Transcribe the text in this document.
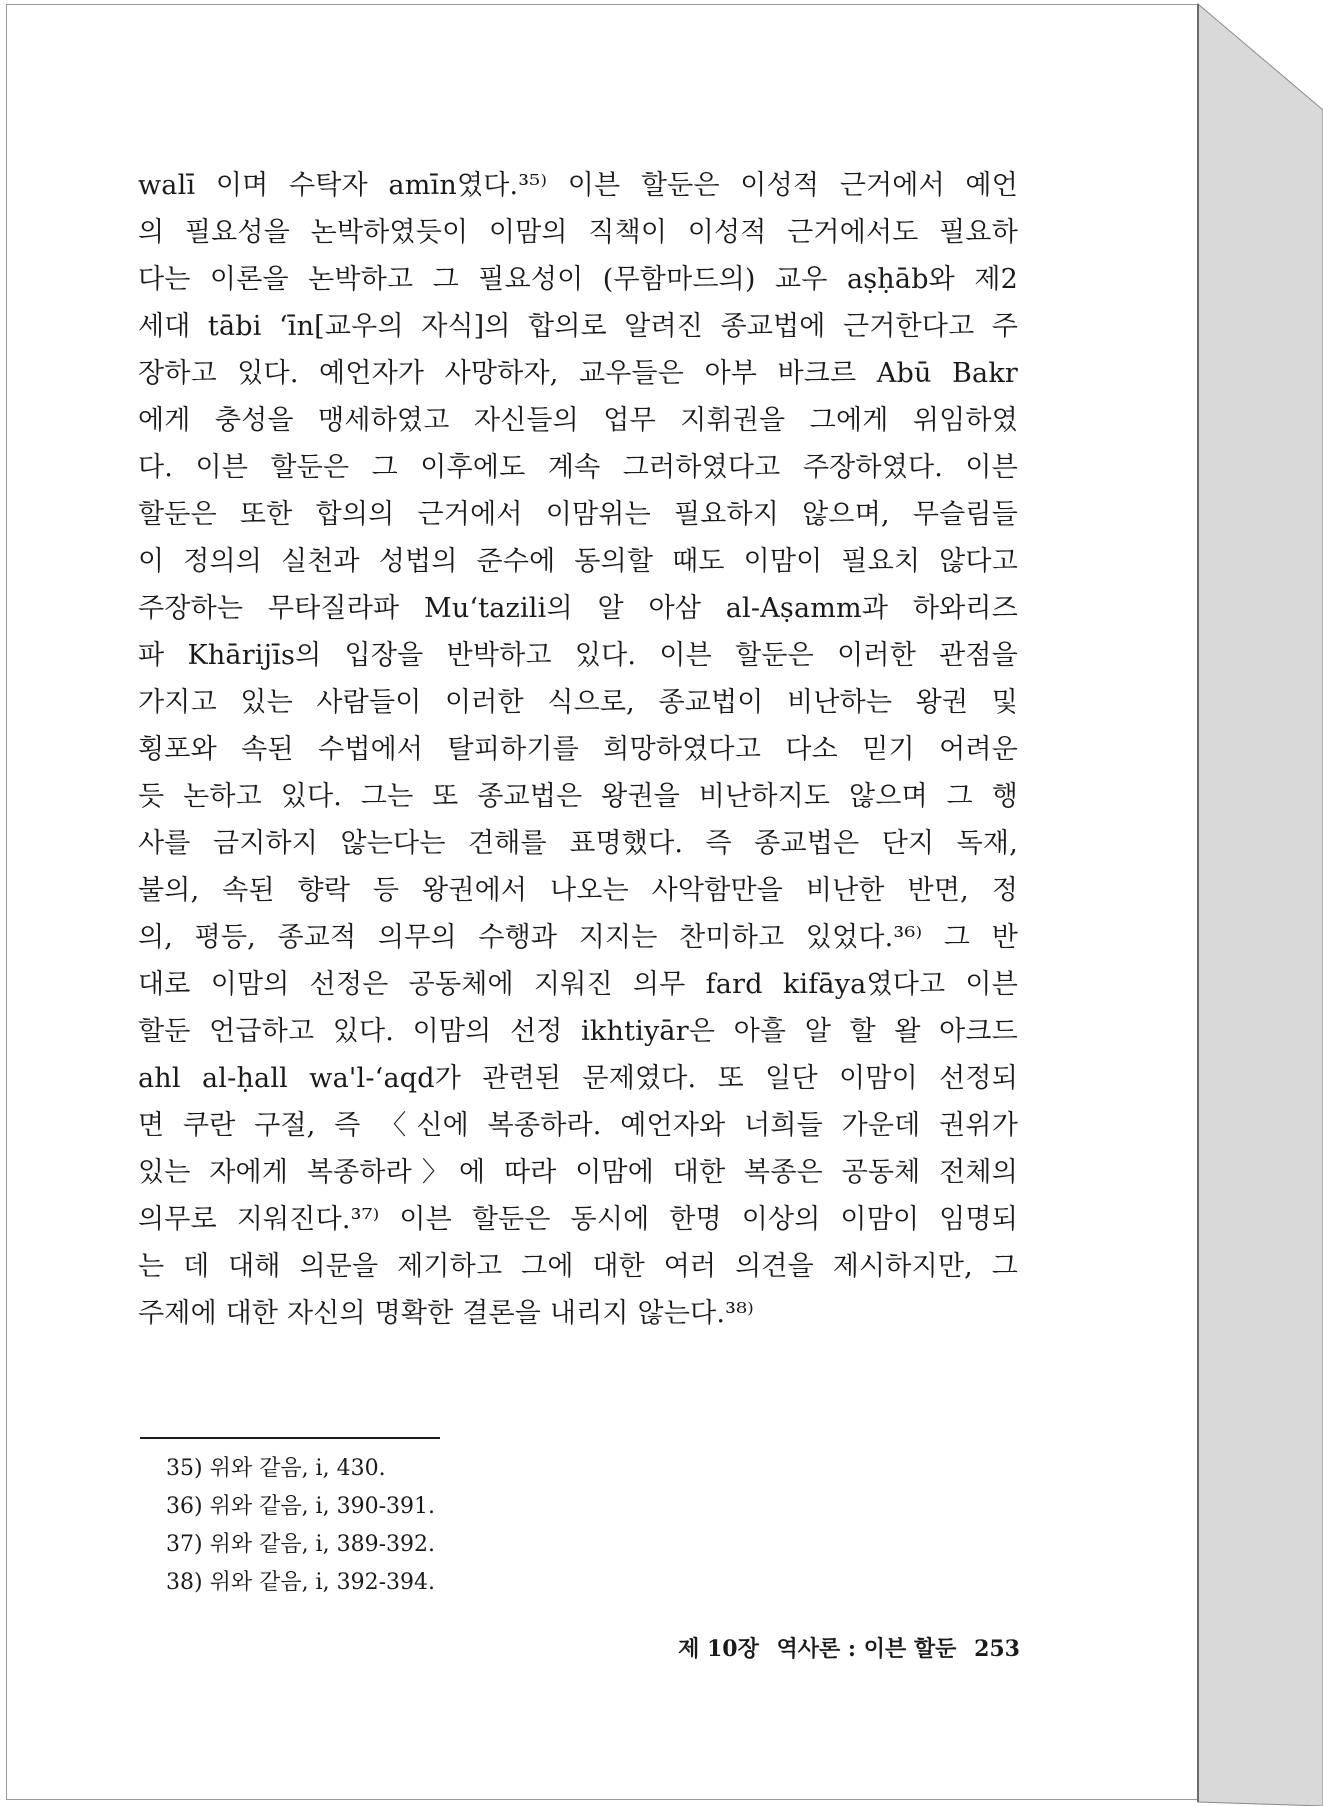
walī 이며 수탁자 amīn였다.³⁵⁾ 이븐 할둔은 이성적 근거에서 예언
의 필요성을 논박하였듯이 이맘의 직책이 이성적 근거에서도 필요하
다는 이론을 논박하고 그 필요성이 (무함마드의) 교우 aṣḥāb와 제2
세대 tābi ʻīn[교우의 자식]의 합의로 알려진 종교법에 근거한다고 주
장하고 있다. 예언자가 사망하자, 교우들은 아부 바크르 Abū Bakr
에게 충성을 맹세하였고 자신들의 업무 지휘권을 그에게 위임하였
다. 이븐 할둔은 그 이후에도 계속 그러하였다고 주장하였다. 이븐
할둔은 또한 합의의 근거에서 이맘위는 필요하지 않으며, 무슬림들
이 정의의 실천과 성법의 준수에 동의할 때도 이맘이 필요치 않다고
주장하는 무타질라파 Muʻtazili의 알 아삼 al-Aṣamm과 하와리즈
파 Khārijīs의 입장을 반박하고 있다. 이븐 할둔은 이러한 관점을
가지고 있는 사람들이 이러한 식으로, 종교법이 비난하는 왕권 및
횡포와 속된 수법에서 탈피하기를 희망하였다고 다소 믿기 어려운
듯 논하고 있다. 그는 또 종교법은 왕권을 비난하지도 않으며 그 행
사를 금지하지 않는다는 견해를 표명했다. 즉 종교법은 단지 독재,
불의, 속된 향락 등 왕권에서 나오는 사악함만을 비난한 반면, 정
의, 평등, 종교적 의무의 수행과 지지는 찬미하고 있었다.³⁶⁾ 그 반
대로 이맘의 선정은 공동체에 지워진 의무 fard kifāya였다고 이븐
할둔 언급하고 있다. 이맘의 선정 ikhtiyār은 아흘 알 할 왈 아크드
ahl al-ḥall wa'l-ʻaqd가 관련된 문제였다. 또 일단 이맘이 선정되
면 쿠란 구절, 즉 〈신에 복종하라. 예언자와 너희들 가운데 권위가
있는 자에게 복종하라〉에 따라 이맘에 대한 복종은 공동체 전체의
의무로 지워진다.³⁷⁾ 이븐 할둔은 동시에 한명 이상의 이맘이 임명되
는 데 대해 의문을 제기하고 그에 대한 여러 의견을 제시하지만, 그
주제에 대한 자신의 명확한 결론을 내리지 않는다.³⁸⁾
35) 위와 같음, i, 430.
36) 위와 같음, i, 390-391.
37) 위와 같음, i, 389-392.
38) 위와 같음, i, 392-394.
제 10장 역사론 : 이븐 할둔 253
